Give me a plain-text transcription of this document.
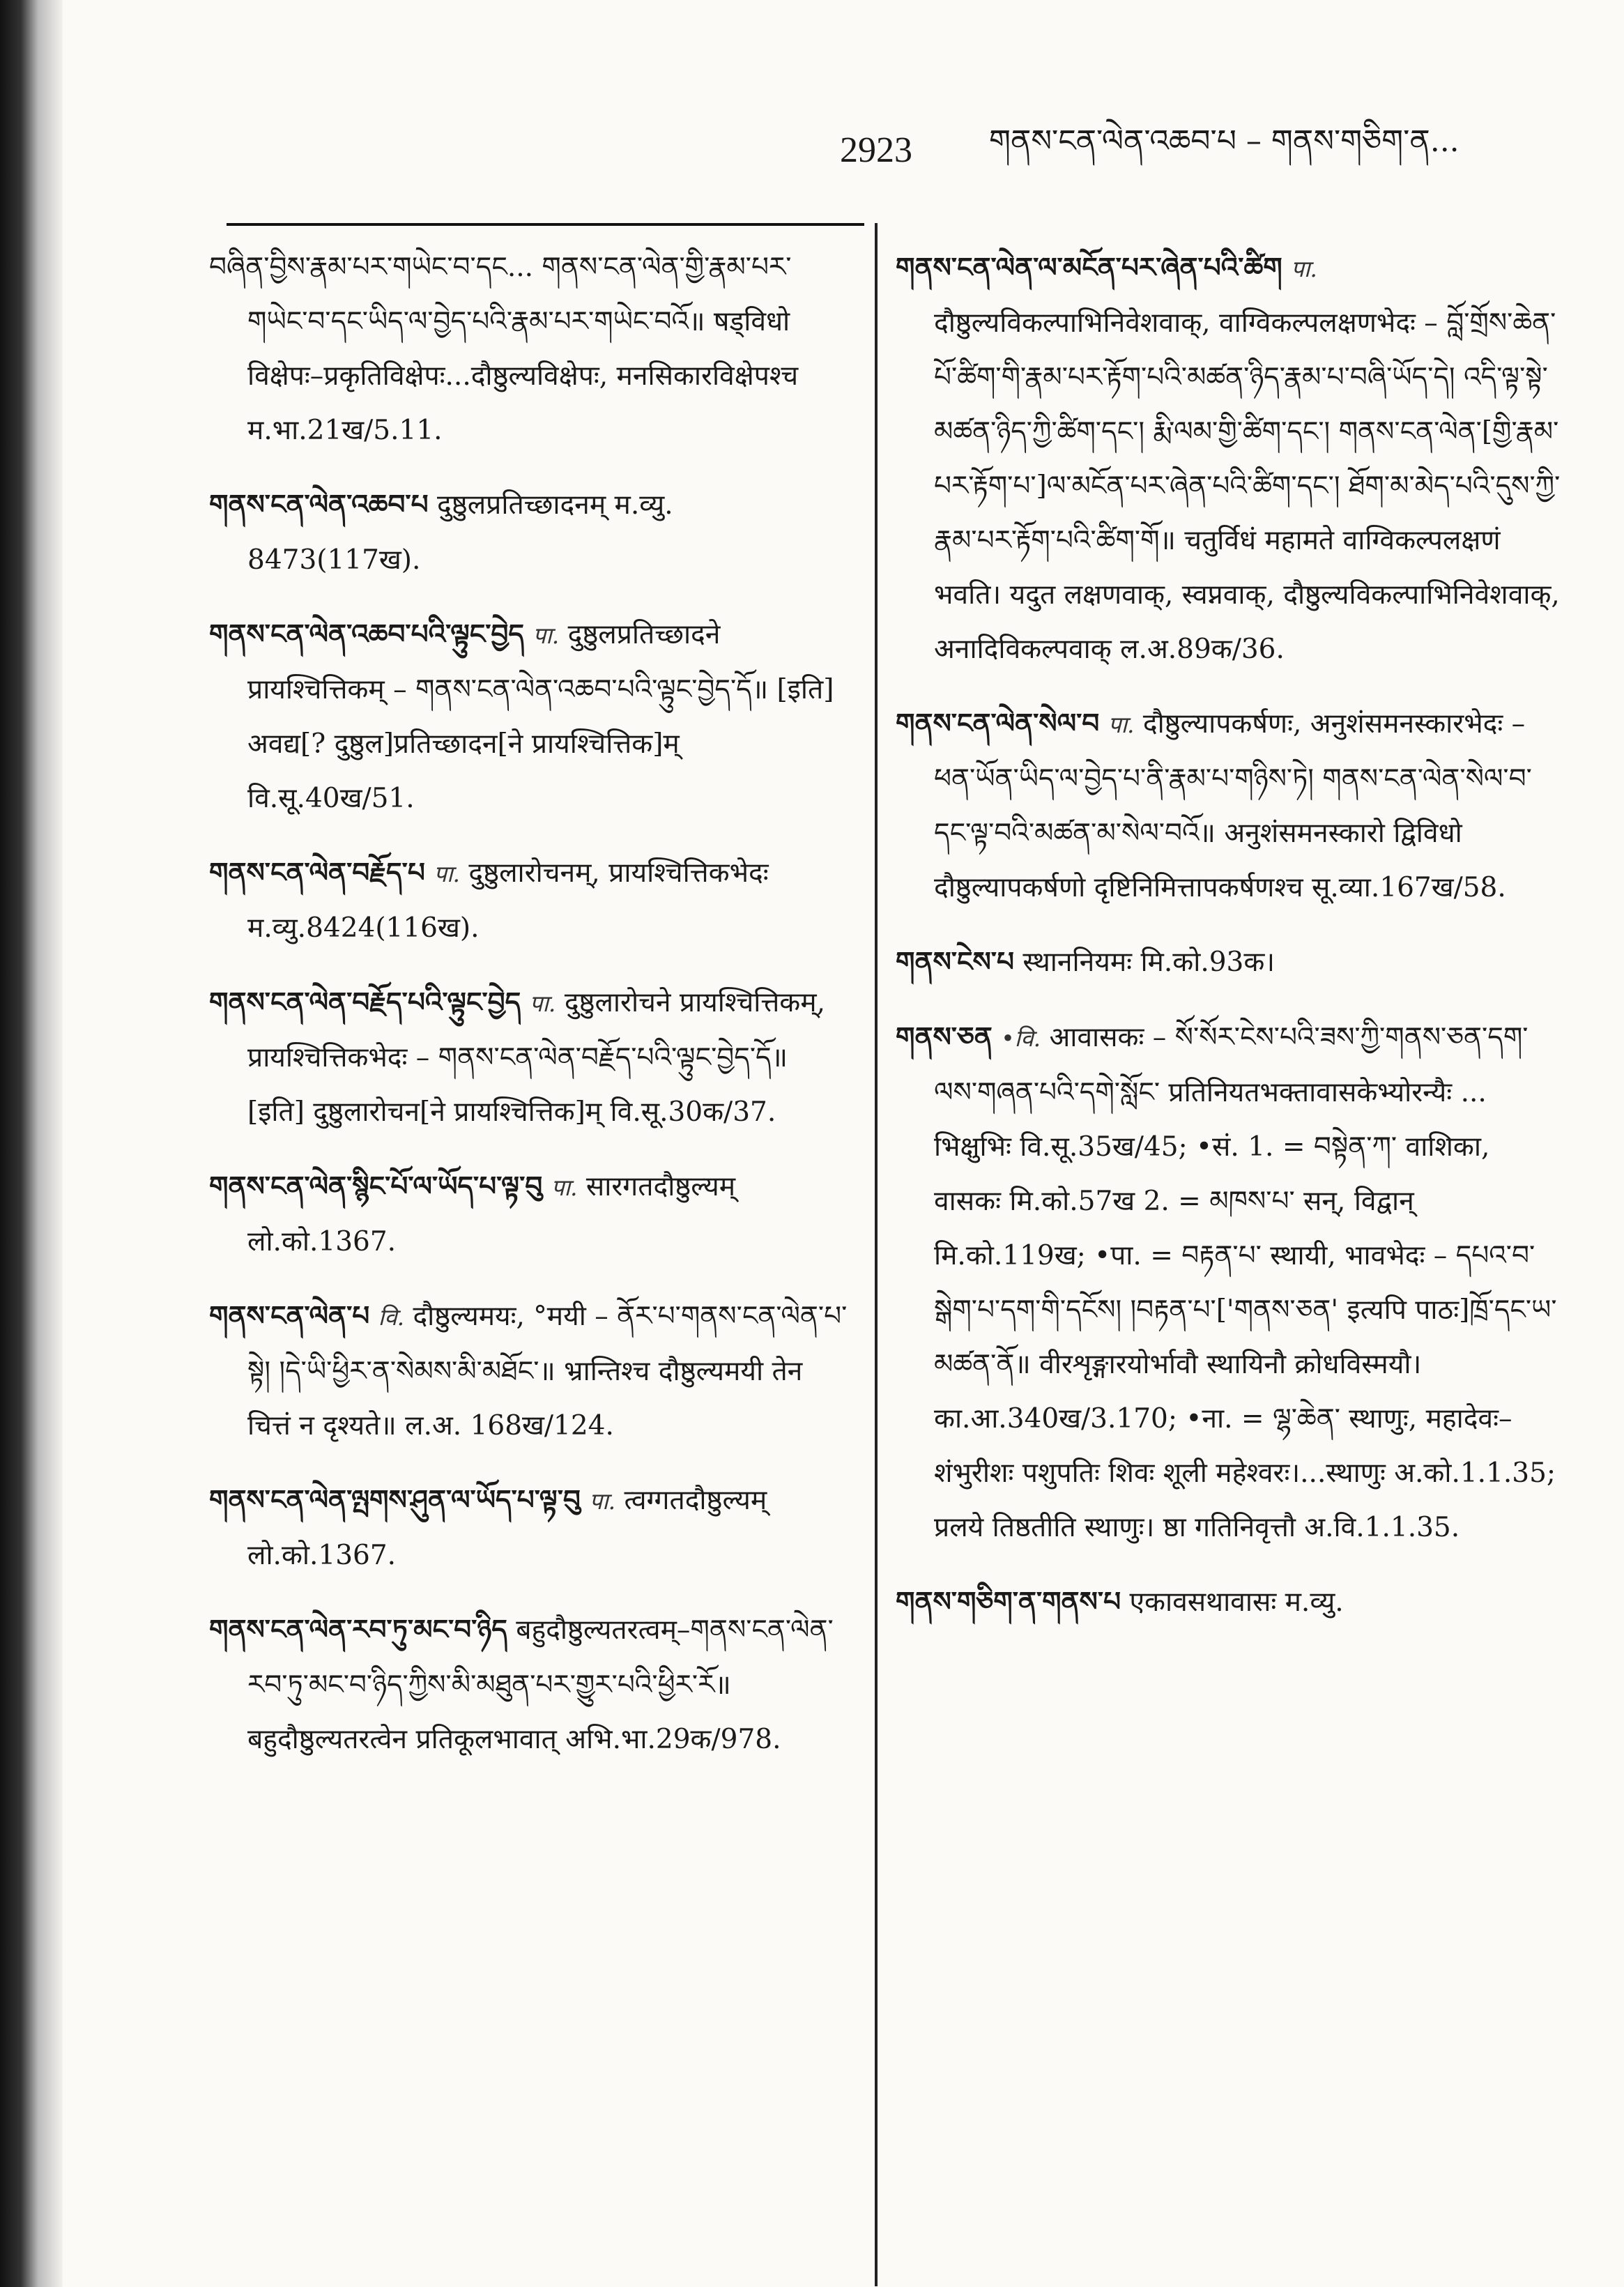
2923	གནས་ངན་ལེན་འཆབ་པ – གནས་གཅིག་ན...

བཞིན་བྱིས་རྣམ་པར་གཡེང་བ་དང... གནས་ངན་ལེན་གྱི་རྣམ་པར་གཡེང་བ་དང་ཡིད་ལ་བྱེད་པའི་རྣམ་པར་གཡེང་བའོ॥ षड्विधो विक्षेपः–प्रकृतिविक्षेपः...दौष्ठुल्यविक्षेपः, मनसिकारविक्षेपश्च म.भा.21ख/5.11.

གནས་ངན་ལེན་འཆབ་པ दुष्ठुलप्रतिच्छादनम् म.व्यु. 8473(117ख).

གནས་ངན་ལེན་འཆབ་པའི་ལྟུང་བྱེད पा. दुष्ठुलप्रतिच्छादने प्रायश्चित्तिकम् – གནས་ངན་ལེན་འཆབ་པའི་ལྟུང་བྱེད་དོ॥ [इति] अवद्य[? दुष्ठुल]प्रतिच्छादन[ने प्रायश्चित्तिक]म् वि.सू.40ख/51.

གནས་ངན་ལེན་བརྗོད་པ पा. दुष्ठुलारोचनम्, प्रायश्चित्तिकभेदः म.व्यु.8424(116ख).

གནས་ངན་ལེན་བརྗོད་པའི་ལྟུང་བྱེད पा. दुष्ठुलारोचने प्रायश्चित्तिकम्, प्रायश्चित्तिकभेदः – གནས་ངན་ལེན་བརྗོད་པའི་ལྟུང་བྱེད་དོ॥ [इति] दुष्ठुलारोचन[ने प्रायश्चित्तिक]म् वि.सू.30क/37.

གནས་ངན་ལེན་སྙིང་པོ་ལ་ཡོད་པ་ལྟ་བུ पा. सारगतदौष्ठुल्यम् लो.को.1367.

གནས་ངན་ལེན་པ वि. दौष्ठुल्यमयः, °मयी – ནོར་པ་གནས་ངན་ལེན་པ་སྟེ། །དེ་ཡི་ཕྱིར་ན་སེམས་མི་མཐོང་॥ भ्रान्तिश्च दौष्ठुल्यमयी तेन चित्तं न दृश्यते॥ ल.अ. 168ख/124.

གནས་ངན་ལེན་ལྤགས་ཤུན་ལ་ཡོད་པ་ལྟ་བུ पा. त्वग्गतदौष्ठुल्यम् लो.को.1367.

གནས་ངན་ལེན་རབ་ཏུ་མང་བ་ཉིད बहुदौष्ठुल्यतरत्वम्–གནས་ངན་ལེན་རབ་ཏུ་མང་བ་ཉིད་ཀྱིས་མི་མཐུན་པར་གྱུར་པའི་ཕྱིར་རོ॥ बहुदौष्ठुल्यतरत्वेन प्रतिकूलभावात् अभि.भा.29क/978.

གནས་ངན་ལེན་ལ་མངོན་པར་ཞེན་པའི་ཚིག पा. दौष्ठुल्यविकल्पाभिनिवेशवाक्, वाग्विकल्पलक्षणभेदः – བློ་གྲོས་ཆེན་པོ་ཚིག་གི་རྣམ་པར་རྟོག་པའི་མཚན་ཉིད་རྣམ་པ་བཞི་ཡོད་དེ། འདི་ལྟ་སྟེ་མཚན་ཉིད་ཀྱི་ཚིག་དང་། རྨི་ལམ་གྱི་ཚིག་དང་། གནས་ངན་ལེན་[གྱི་རྣམ་པར་རྟོག་པ་]ལ་མངོན་པར་ཞེན་པའི་ཚིག་དང་། ཐོག་མ་མེད་པའི་དུས་ཀྱི་རྣམ་པར་རྟོག་པའི་ཚིག་གོ॥ चतुर्विधं महामते वाग्विकल्पलक्षणं भवति। यदुत लक्षणवाक्, स्वप्नवाक्, दौष्ठुल्यविकल्पाभिनिवेशवाक्, अनादिविकल्पवाक् ल.अ.89क/36.

གནས་ངན་ལེན་སེལ་བ पा. दौष्ठुल्यापकर्षणः, अनुशंसमनस्कारभेदः – ཕན་ཡོན་ཡིད་ལ་བྱེད་པ་ནི་རྣམ་པ་གཉིས་ཏེ། གནས་ངན་ལེན་སེལ་བ་དང་ལྟ་བའི་མཚན་མ་སེལ་བའོ॥ अनुशंसमनस्कारो द्विविधो दौष्ठुल्यापकर्षणो दृष्टिनिमित्तापकर्षणश्च सू.व्या.167ख/58.

གནས་ངེས་པ स्थाननियमः मि.को.93क।

གནས་ཅན •वि. आवासकः – སོ་སོར་ངེས་པའི་ཟས་ཀྱི་གནས་ཅན་དག་ལས་གཞན་པའི་དགེ་སློང་ प्रतिनियतभक्तावासकेभ्योरन्यैः ... भिक्षुभिः वि.सू.35ख/45; •सं. 1. = བསྟེན་ཀ་ वाशिका, वासकः मि.को.57ख 2. = མཁས་པ་ सन्, विद्वान् मि.को.119ख; •पा. = བརྟན་པ་ स्थायी, भावभेदः – དཔའ་བ་སྒེག་པ་དག་གི་དངོས། །བརྟན་པ་['གནས་ཅན' इत्यपि पाठः]ཁྲོ་དང་ཡ་མཚན་ནོ॥ वीरशृङ्गारयोर्भावौ स्थायिनौ क्रोधविस्मयौ। का.आ.340ख/3.170; •ना. = ལྷ་ཆེན་ स्थाणुः, महादेवः– शंभुरीशः पशुपतिः शिवः शूली महेश्वरः।...स्थाणुः अ.को.1.1.35; प्रलये तिष्ठतीति स्थाणुः। ष्ठा गतिनिवृत्तौ अ.वि.1.1.35.

གནས་གཅིག་ན་གནས་པ एकावसथावासः म.व्यु.
